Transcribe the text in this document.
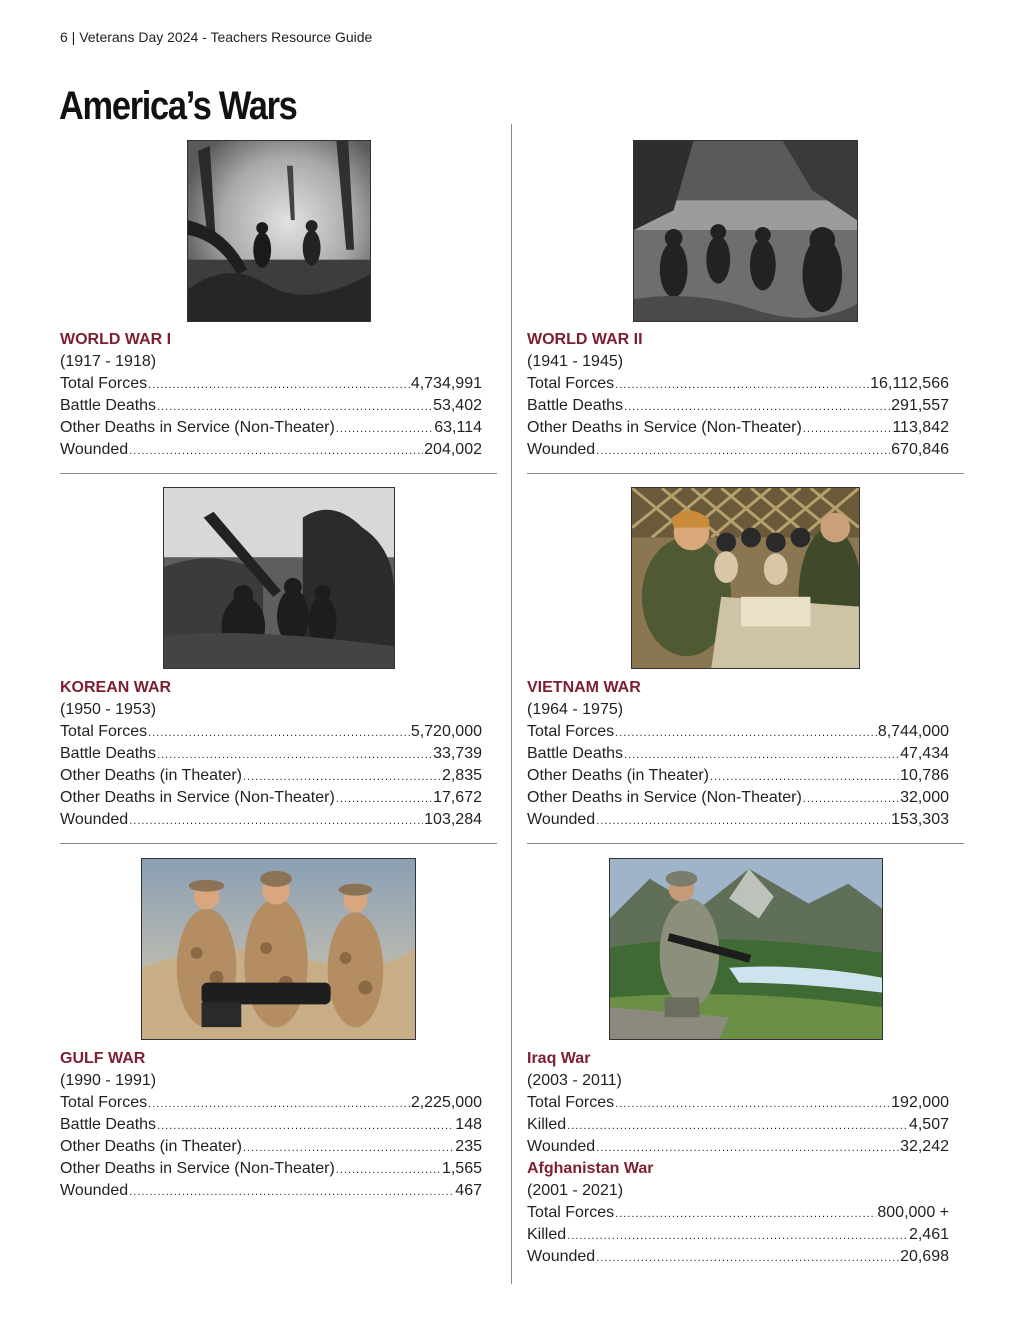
6 | Veterans Day 2024 - Teachers Resource Guide
America’s Wars
WORLD WAR I
(1917 - 1918)
Total Forces .....	4,734,991
Battle Deaths .....	53,402
Other Deaths in Service (Non-Theater) .....	63,114
Wounded .....	204,002
WORLD WAR II
(1941 - 1945)
Total Forces .....	16,112,566
Battle Deaths .....	291,557
Other Deaths in Service (Non-Theater) .....	113,842
Wounded .....	670,846
KOREAN WAR
(1950 - 1953)
Total Forces .....	5,720,000
Battle Deaths .....	33,739
Other Deaths (in Theater) .....	2,835
Other Deaths in Service (Non-Theater) .....	17,672
Wounded .....	103,284
VIETNAM WAR
(1964 - 1975)
Total Forces .....	8,744,000
Battle Deaths .....	47,434
Other Deaths (in Theater) .....	10,786
Other Deaths in Service (Non-Theater) .....	32,000
Wounded .....	153,303
GULF WAR
(1990 - 1991)
Total Forces .....	2,225,000
Battle Deaths .....	148
Other Deaths (in Theater) .....	235
Other Deaths in Service (Non-Theater) .....	1,565
Wounded .....	467
Iraq War
(2003 - 2011)
Total Forces .....	192,000
Killed .....	4,507
Wounded .....	32,242
Afghanistan War
(2001 - 2021)
Total Forces .....	800,000 +
Killed .....	2,461
Wounded .....	20,698
